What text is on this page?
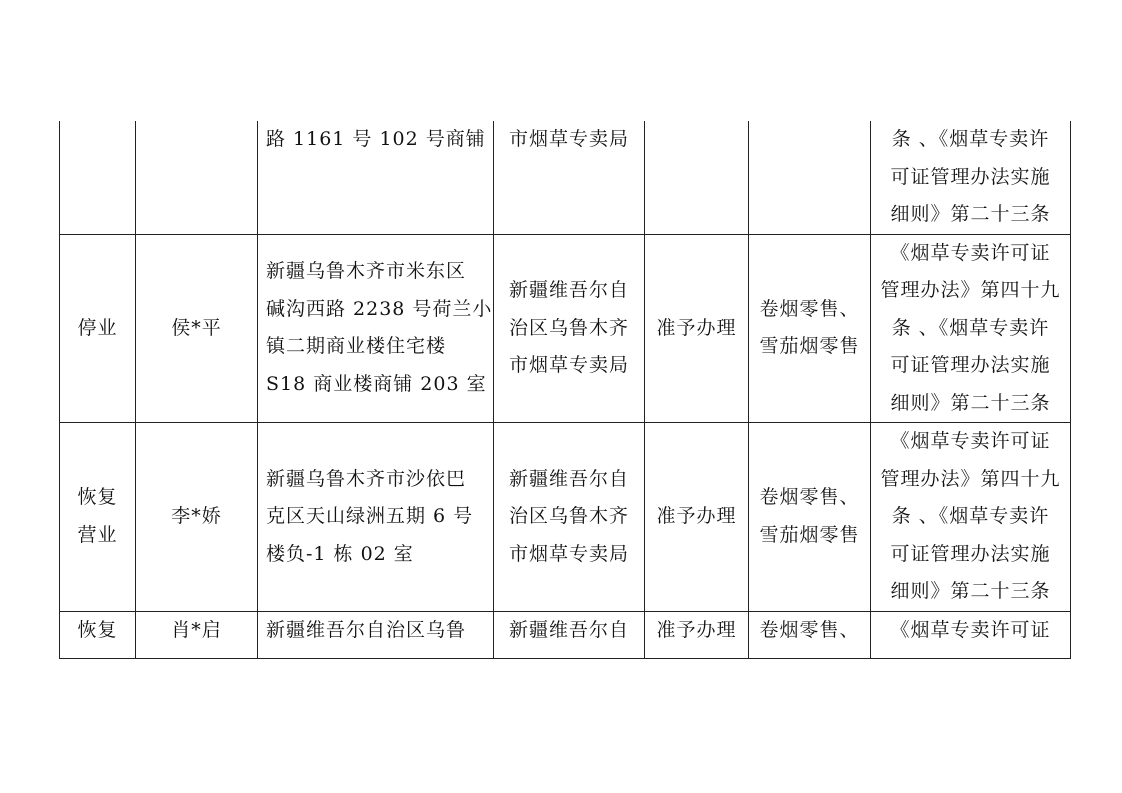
		路 1161 号 102 号商铺	市烟草专卖局			条 、《烟草专卖许
可证管理办法实施
细则》第二十三条

停业	侯*平	新疆乌鲁木齐市米东区
碱沟西路 2238 号荷兰小
镇二期商业楼住宅楼
S18 商业楼商铺 203 室	新疆维吾尔自
治区乌鲁木齐
市烟草专卖局	准予办理	卷烟零售、
雪茄烟零售	《烟草专卖许可证
管理办法》第四十九
条 、《烟草专卖许
可证管理办法实施
细则》第二十三条

恢复
营业	李*娇	新疆乌鲁木齐市沙依巴
克区天山绿洲五期 6 号
楼负-1 栋 02 室	新疆维吾尔自
治区乌鲁木齐
市烟草专卖局	准予办理	卷烟零售、
雪茄烟零售	《烟草专卖许可证
管理办法》第四十九
条 、《烟草专卖许
可证管理办法实施
细则》第二十三条

恢复	肖*启	新疆维吾尔自治区乌鲁	新疆维吾尔自	准予办理	卷烟零售、	《烟草专卖许可证
